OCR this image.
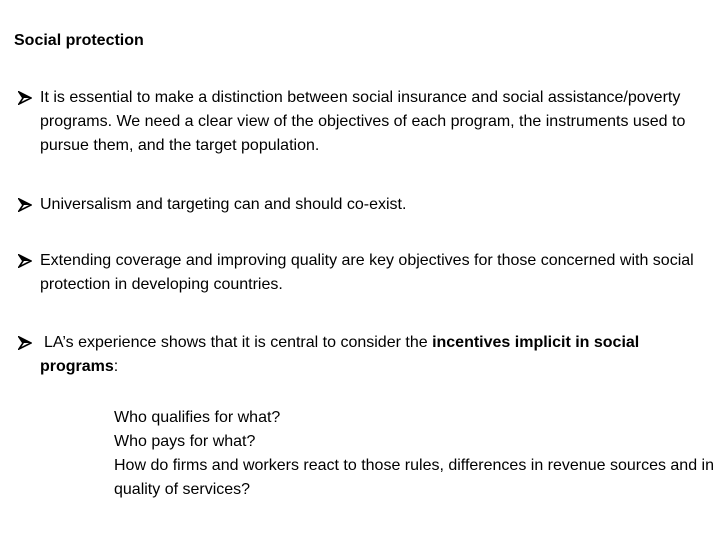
Social protection
It is essential to make a distinction between social insurance and social assistance/poverty programs. We need a clear view of the objectives of each program, the instruments used to pursue them, and the target population.
Universalism and targeting can and should co-exist.
Extending coverage and improving quality are key objectives for those concerned with social protection in developing countries.
LA’s experience shows that it is central to consider the incentives implicit in social
programs:
Who qualifies for what?
Who pays for what?
How do firms and workers react to those rules, differences in revenue sources and in quality of services?
